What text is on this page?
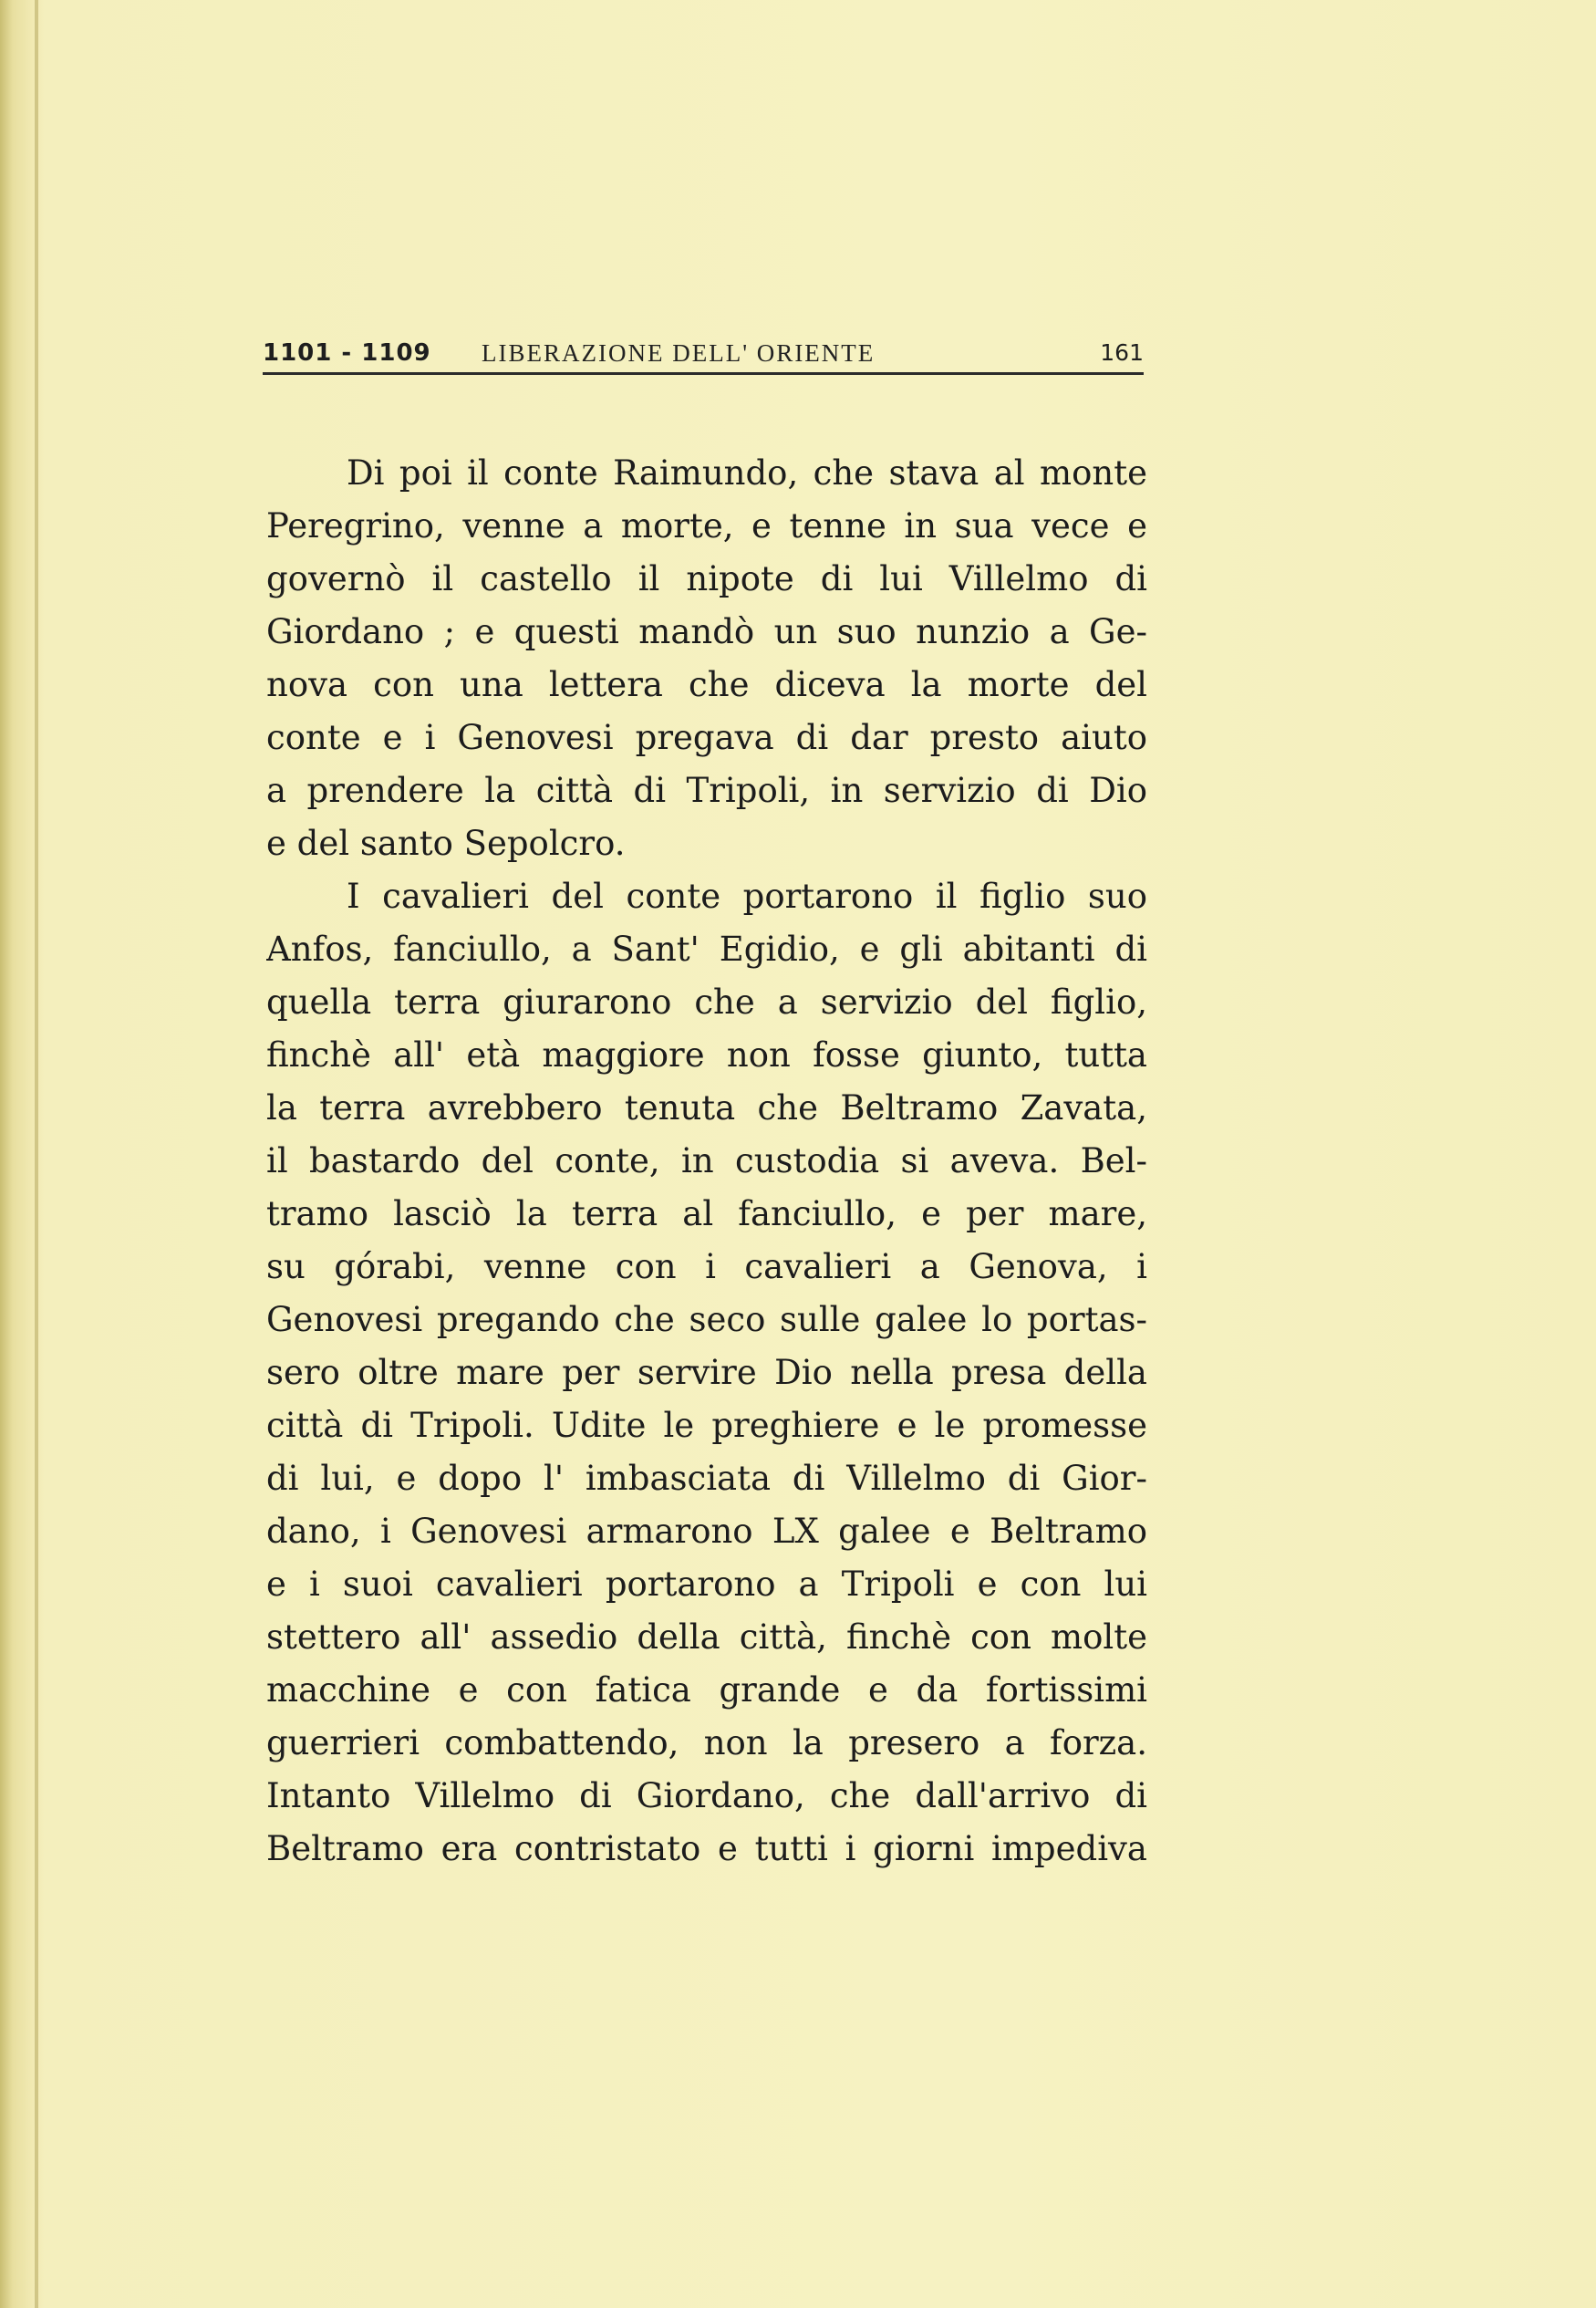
1101 - 1109 LIBERAZIONE DELL' ORIENTE	161
Di poi il conte Raimundo, che stava al monte
Peregrino, venne a morte, e tenne in sua vece e
governò il castello il nipote di lui Villelmo di
Giordano ; e questi mandò un suo nunzio a Ge-
nova con una lettera che diceva la morte del
conte e i Genovesi pregava di dar presto aiuto
a prendere la città di Tripoli, in servizio di Dio
e del santo Sepolcro.
I cavalieri del conte portarono il figlio suo
Anfos, fanciullo, a Sant' Egidio, e gli abitanti di
quella terra giurarono che a servizio del figlio,
finchè all' età maggiore non fosse giunto, tutta
la terra avrebbero tenuta che Beltramo Zavata,
il bastardo del conte, in custodia si aveva. Bel-
tramo lasciò la terra al fanciullo, e per mare,
su górabi, venne con i cavalieri a Genova, i
Genovesi pregando che seco sulle galee lo portas-
sero oltre mare per servire Dio nella presa della
città di Tripoli. Udite le preghiere e le promesse
di lui, e dopo l' imbasciata di Villelmo di Gior-
dano, i Genovesi armarono LX galee e Beltramo
e i suoi cavalieri portarono a Tripoli e con lui
stettero all' assedio della città, finchè con molte
macchine e con fatica grande e da fortissimi
guerrieri combattendo, non la presero a forza.
Intanto Villelmo di Giordano, che dall'arrivo di
Beltramo era contristato e tutti i giorni impediva
